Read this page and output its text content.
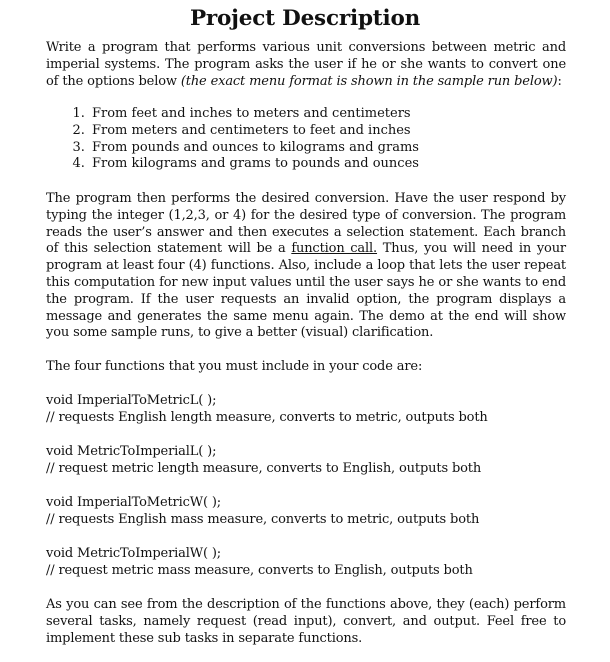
Project Description
Write a program that performs various unit conversions between metric and imperial systems. The program asks the user if he or she wants to convert one of the options below (the exact menu format is shown in the sample run below):
1. From feet and inches to meters and centimeters
2. From meters and centimeters to feet and inches
3. From pounds and ounces to kilograms and grams
4. From kilograms and grams to pounds and ounces
The program then performs the desired conversion. Have the user respond by typing the integer (1,2,3, or 4) for the desired type of conversion. The program reads the user’s answer and then executes a selection statement. Each branch of this selection statement will be a function call. Thus, you will need in your program at least four (4) functions. Also, include a loop that lets the user repeat this computation for new input values until the user says he or she wants to end the program. If the user requests an invalid option, the program displays a message and generates the same menu again. The demo at the end will show you some sample runs, to give a better (visual) clarification.
The four functions that you must include in your code are:
void ImperialToMetricL( );
// requests English length measure, converts to metric, outputs both
void MetricToImperialL( );
// request metric length measure, converts to English, outputs both
void ImperialToMetricW( );
// requests English mass measure, converts to metric, outputs both
void MetricToImperialW( );
// request metric mass measure, converts to English, outputs both
As you can see from the description of the functions above, they (each) perform several tasks, namely request (read input), convert, and output. Feel free to implement these sub tasks in separate functions.
